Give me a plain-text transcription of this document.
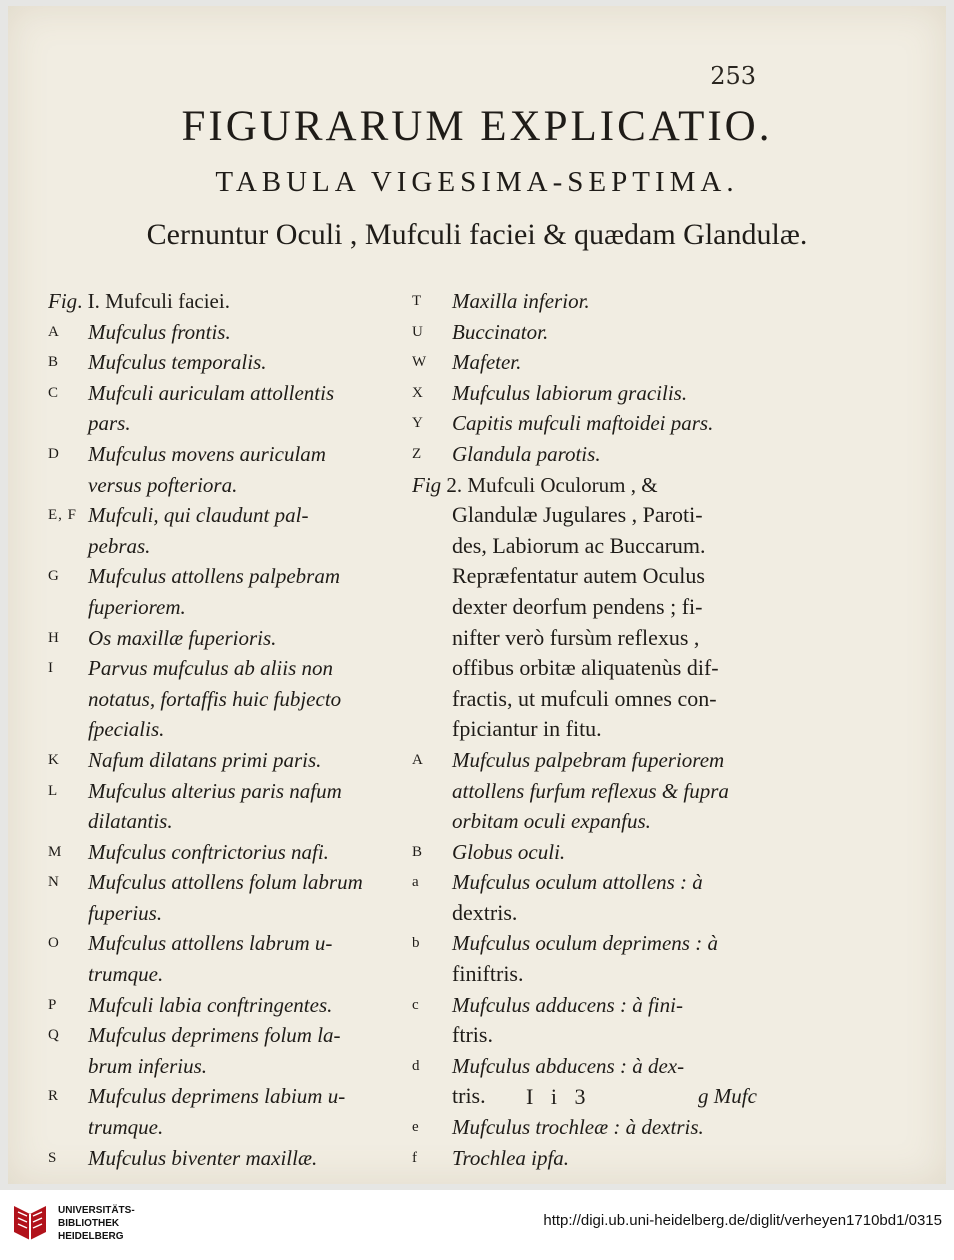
253
FIGURARUM EXPLICATIO.
TABULA VIGESIMA-SEPTIMA.
Cernuntur Oculi , Mufculi faciei & quædam Glandulæ.
Fig. I. Mufculi faciei.
A Mufculus frontis.
B Mufculus temporalis.
C Mufculi auriculam attollentis
pars.
D Mufculus movens auriculam
versus pofteriora.
E, F Mufculi, qui claudunt pal-
pebras.
G Mufculus attollens palpebram
fuperiorem.
H Os maxillæ fuperioris.
I Parvus mufculus ab aliis non
notatus, fortaffis huic fubjecto
fpecialis.
K Nafum dilatans primi paris.
L Mufculus alterius paris nafum
dilatantis.
M Mufculus conftrictorius nafi.
N Mufculus attollens folum labrum
fuperius.
O Mufculus attollens labrum u-
trumque.
P Mufculi labia conftringentes.
Q Mufculus deprimens folum la-
brum inferius.
R Mufculus deprimens labium u-
trumque.
S Mufculus biventer maxillæ.
T Maxilla inferior.
U Buccinator.
W Mafeter.
X Mufculus labiorum gracilis.
Y Capitis mufculi maftoidei pars.
Z Glandula parotis.
Fig 2. Mufculi Oculorum , &
Glandulæ Jugulares , Paroti-
des, Labiorum ac Buccarum.
Repræfentatur autem Oculus
dexter deorfum pendens ; fi-
nifter verò fursùm reflexus ,
offibus orbitæ aliquatenùs dif-
fractis, ut mufculi omnes con-
fpiciantur in fitu.
A Mufculus palpebram fuperiorem
attollens furfum reflexus & fupra
orbitam oculi expanfus.
B Globus oculi.
a Mufculus oculum attollens : à
dextris.
b Mufculus oculum deprimens : à
finiftris.
c Mufculus adducens : à fini-
ftris.
d Mufculus abducens : à dex-
tris.
e Mufculus trochleæ : à dextris.
f Trochlea ipfa.
I i 3	g Mufc
UNIVERSITÄTS-
BIBLIOTHEK
HEIDELBERG
http://digi.ub.uni-heidelberg.de/diglit/verheyen1710bd1/0315
